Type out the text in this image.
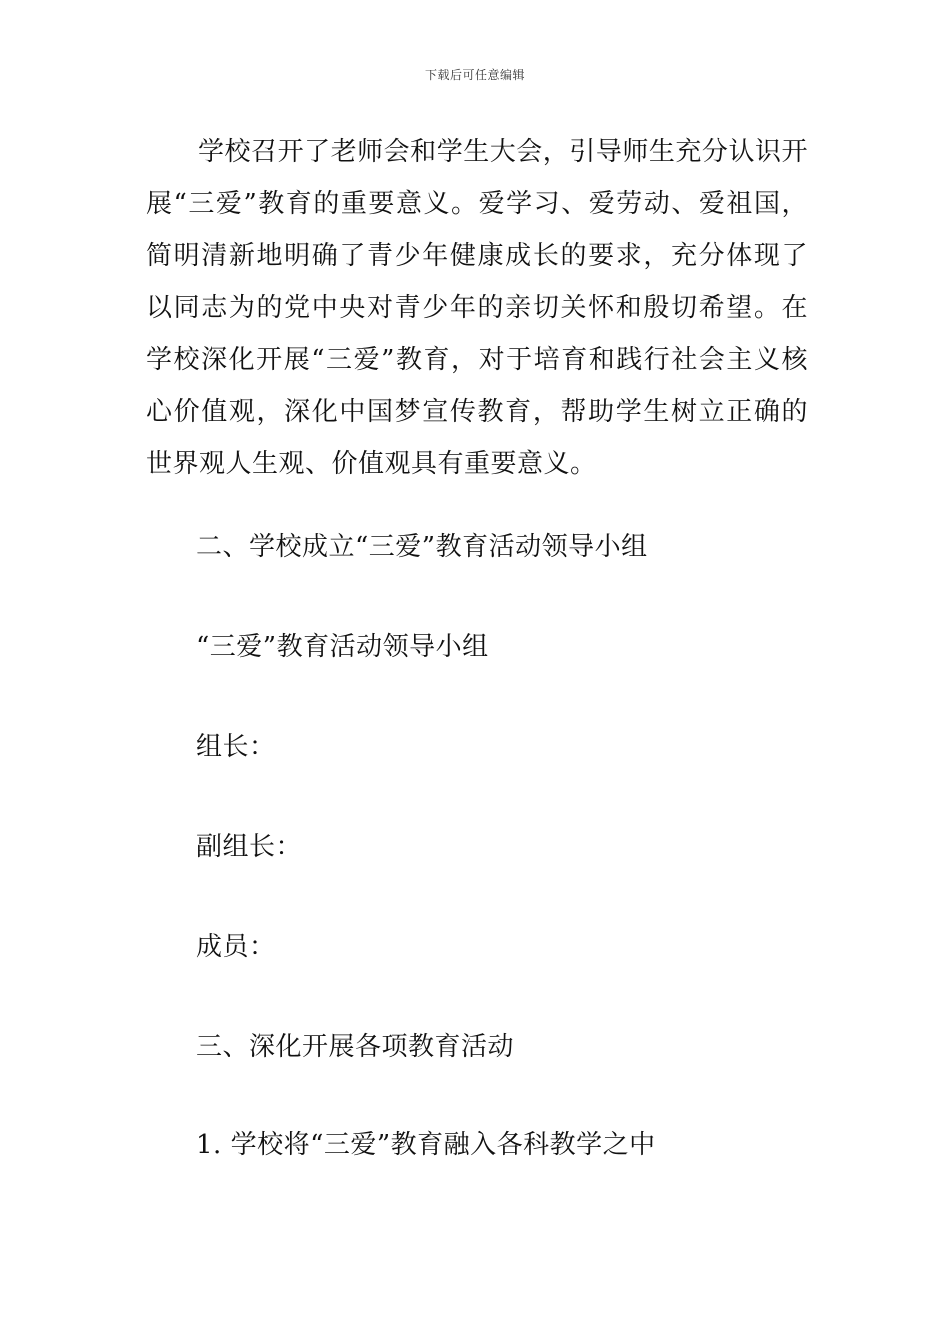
下载后可任意编辑

学校召开了老师会和学生大会，引导师生充分认识开展“三爱”教育的重要意义。爱学习、爱劳动、爱祖国，简明清新地明确了青少年健康成长的要求，充分体现了以同志为的党中央对青少年的亲切关怀和殷切希望。在学校深化开展“三爱”教育，对于培育和践行社会主义核心价值观，深化中国梦宣传教育，帮助学生树立正确的世界观人生观、价值观具有重要意义。

二、学校成立“三爱”教育活动领导小组

“三爱”教育活动领导小组

组长：

副组长：

成员：

三、深化开展各项教育活动

1. 学校将“三爱”教育融入各科教学之中
